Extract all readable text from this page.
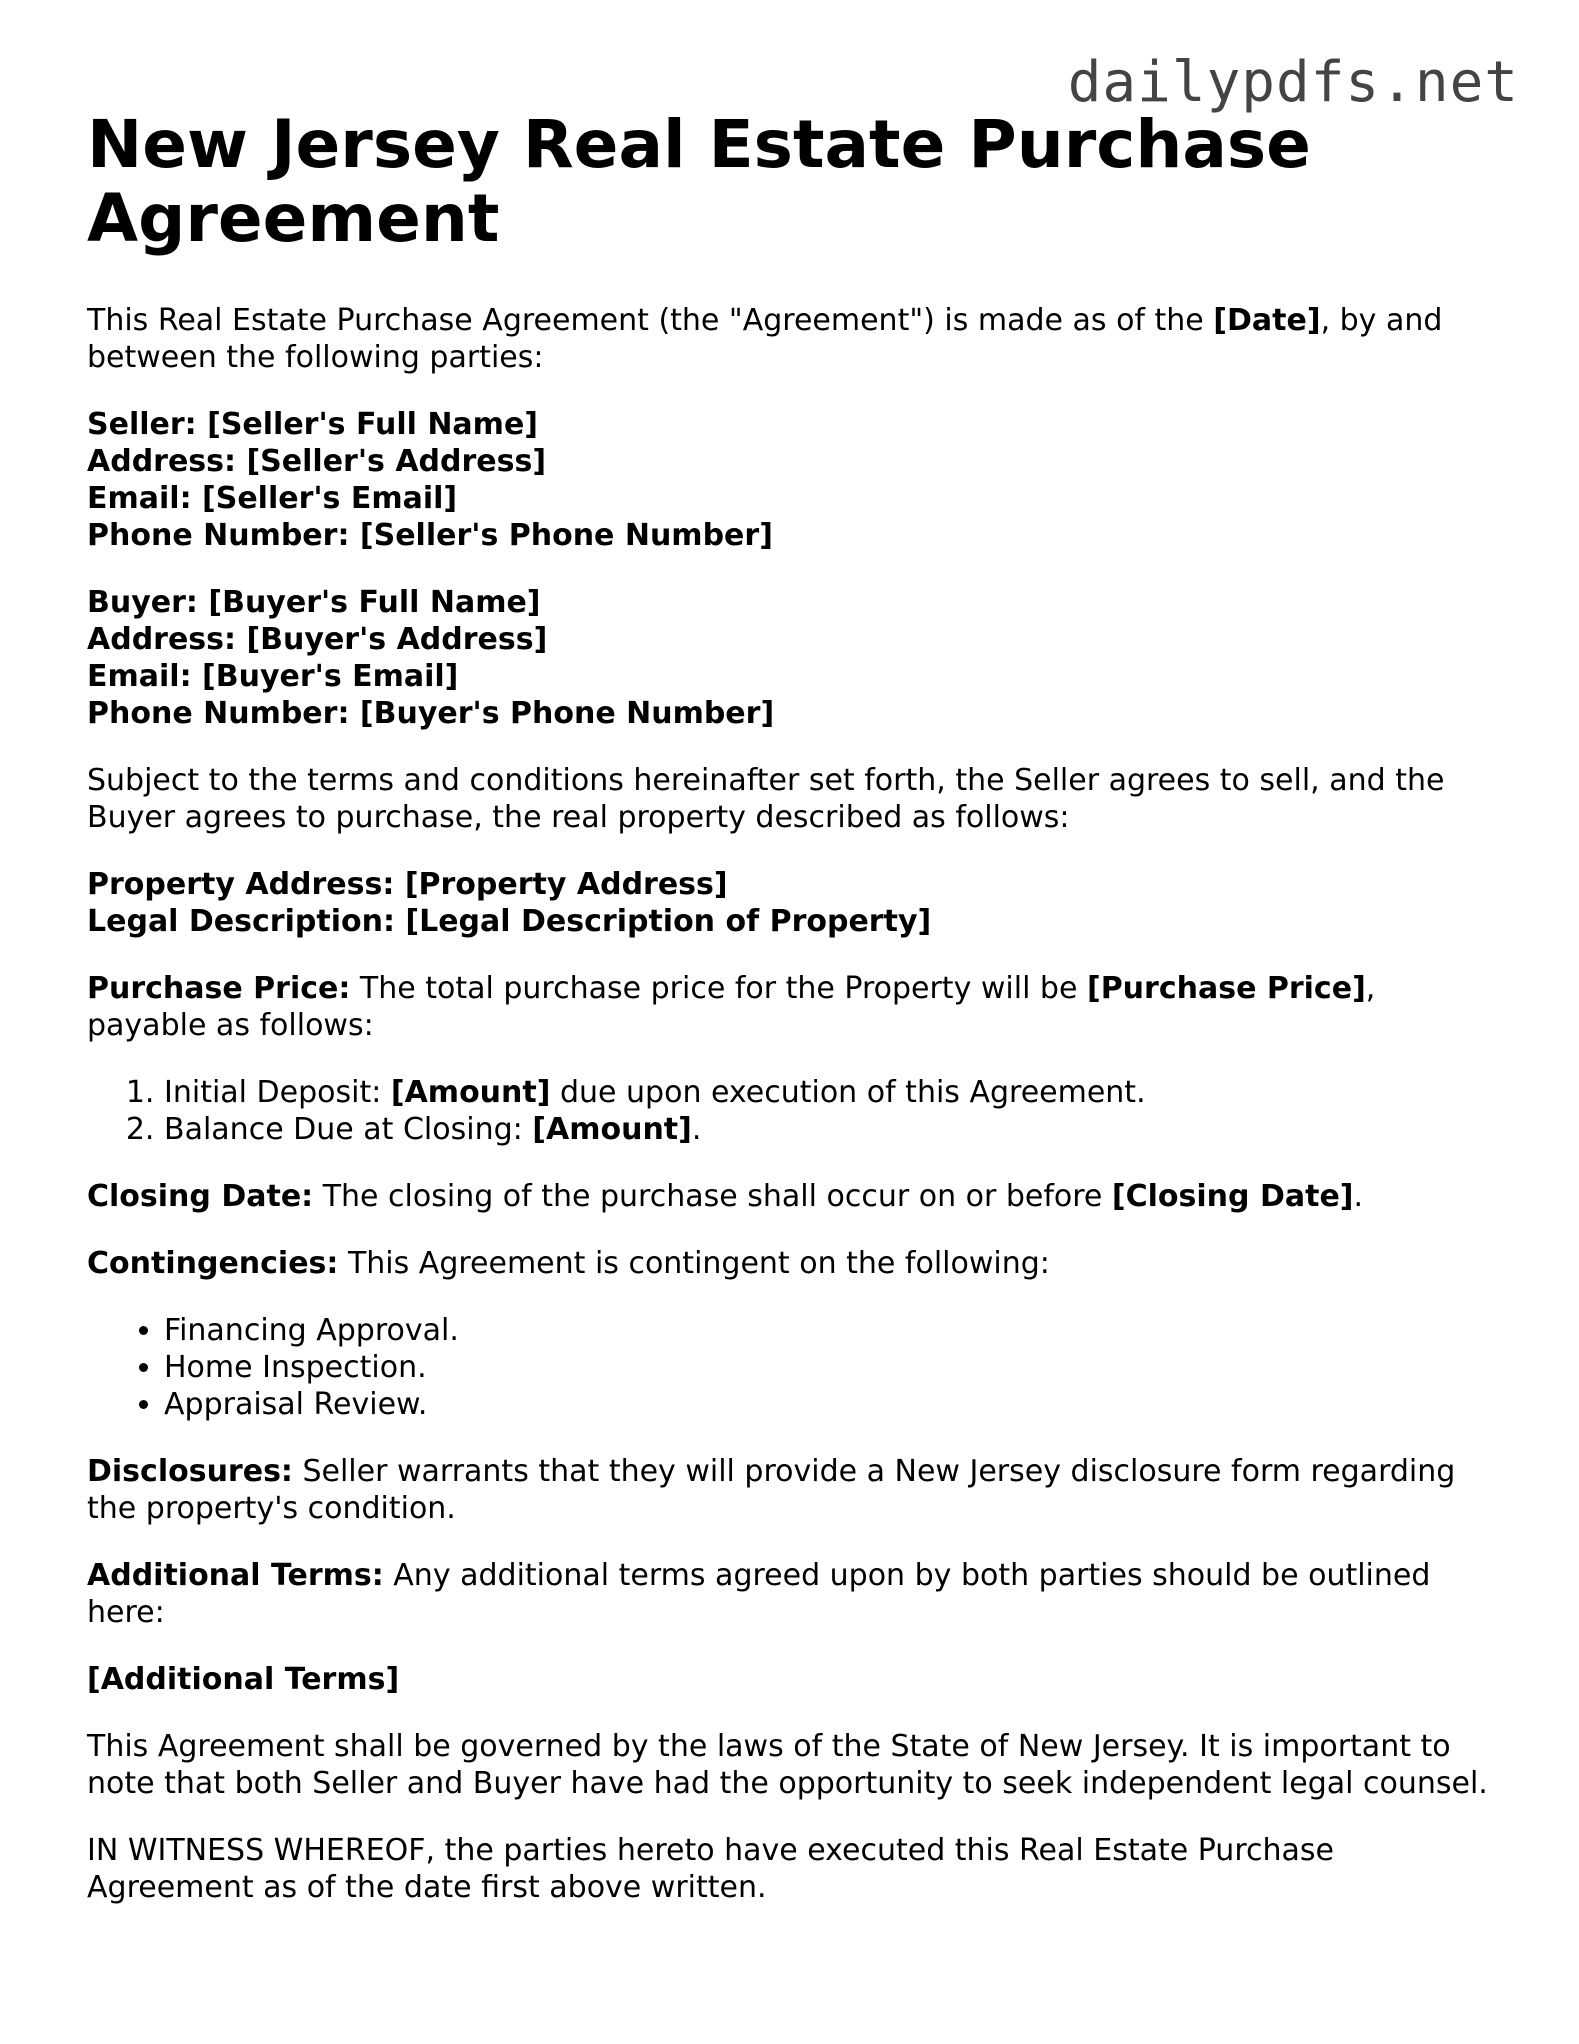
dailypdfs.net
New Jersey Real Estate Purchase Agreement

This Real Estate Purchase Agreement (the "Agreement") is made as of the [Date], by and between the following parties:

Seller: [Seller's Full Name]
Address: [Seller's Address]
Email: [Seller's Email]
Phone Number: [Seller's Phone Number]
Buyer: [Buyer's Full Name]
Address: [Buyer's Address]
Email: [Buyer's Email]
Phone Number: [Buyer's Phone Number]

Subject to the terms and conditions hereinafter set forth, the Seller agrees to sell, and the Buyer agrees to purchase, the real property described as follows:

Property Address: [Property Address]
Legal Description: [Legal Description of Property]

Purchase Price: The total purchase price for the Property will be [Purchase Price], payable as follows:

1. Initial Deposit: [Amount] due upon execution of this Agreement.
2. Balance Due at Closing: [Amount].

Closing Date: The closing of the purchase shall occur on or before [Closing Date].

Contingencies: This Agreement is contingent on the following:

• Financing Approval.
• Home Inspection.
• Appraisal Review.

Disclosures: Seller warrants that they will provide a New Jersey disclosure form regarding the property's condition.

Additional Terms: Any additional terms agreed upon by both parties should be outlined here:

[Additional Terms]

This Agreement shall be governed by the laws of the State of New Jersey. It is important to note that both Seller and Buyer have had the opportunity to seek independent legal counsel.

IN WITNESS WHEREOF, the parties hereto have executed this Real Estate Purchase Agreement as of the date first above written.
